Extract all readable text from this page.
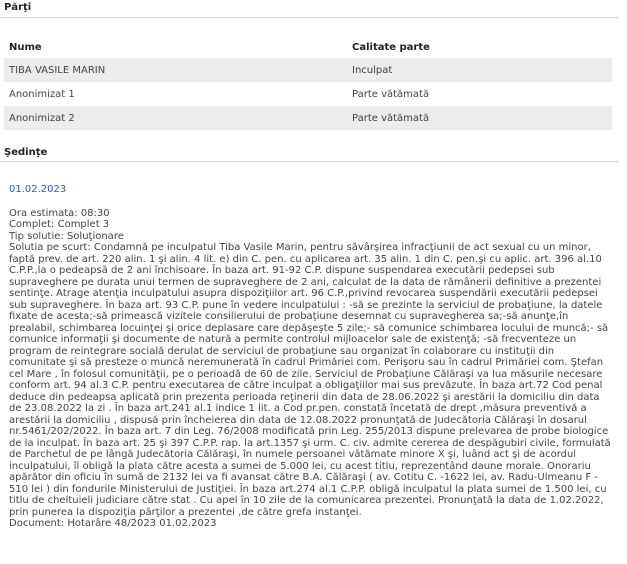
Părţi
Nume	Calitate parte
TIBA VASILE MARIN	Inculpat
Anonimizat 1	Parte vătămată
Anonimizat 2	Parte vătămată
Şedinţe
01.02.2023
Ora estimata: 08:30
Complet: Complet 3
Tip solutie: Soluţionare
Solutia pe scurt: Condamnă pe inculpatul Tiba Vasile Marin, pentru săvârşirea infracţiunii de act sexual cu un minor, faptă prev. de art. 220 alin. 1 şi alin. 4 lit. e) din C. pen. cu aplicarea art. 35 alin. 1 din C. pen.şi cu aplic. art. 396 al.10 C.P.P.,la o pedeapsă de 2 ani închisoare. În baza art. 91-92 C.P. dispune suspendarea executării pedepsei sub supraveghere pe durata unui termen de supraveghere de 2 ani, calculat de la data de rămânerii definitive a prezentei sentinţe. Atrage atenţia inculpatului asupra dispoziţiilor art. 96 C.P.,privind revocarea suspendării executării pedepsei sub supraveghere. În baza art. 93 C.P. pune în vedere inculpatului : -să se prezinte la serviciul de probaţiune, la datele fixate de acesta;-să primească vizitele consilierului de probaţiune desemnat cu supravegherea sa;-să anunţe,în prealabil, schimbarea locuinţei şi orice deplasare care depăşeşte 5 zile;- să comunice schimbarea locului de muncă;- să comunice informaţii şi documente de natură a permite controlul mijloacelor sale de existenţă; -să frecventeze un program de reintegrare socială derulat de serviciul de probaţiune sau organizat în colaborare cu instituţii din comunitate şi să presteze o muncă neremunerată în cadrul Primăriei com. Perişoru sau în cadrul Primăriei com. Ştefan cel Mare , în folosul comunităţii, pe o perioadă de 60 de zile. Serviciul de Probaţiune Călăraşi va lua măsurile necesare conform art. 94 al.3 C.P. pentru executarea de către inculpat a obligaţiilor mai sus prevăzute. În baza art.72 Cod penal deduce din pedeapsa aplicată prin prezenta perioada reţinerii din data de 28.06.2022 şi arestării la domiciliu din data de 23.08.2022 la zi . În baza art.241 al.1 indice 1 lit. a Cod pr.pen. constată încetată de drept ,măsura preventivă a arestării la domiciliu , dispusă prin încheierea din data de 12.08.2022 pronunţată de Judecătoria Călăraşi în dosarul nr.5461/202/2022. În baza art. 7 din Leg. 76/2008 modificată prin Leg. 255/2013 dispune prelevarea de probe biologice de la inculpat. În baza art. 25 şi 397 C.P.P. rap. la art.1357 şi urm. C. civ. admite cererea de despăgubiri civile, formulată de Parchetul de pe lângă Judecătoria Călăraşi, în numele persoanei vătămate minore X şi, luând act şi de acordul inculpatului, îl obligă la plata către acesta a sumei de 5.000 lei, cu acest titlu, reprezentând daune morale. Onorariu apărător din oficiu în sumă de 2132 lei va fi avansat către B.A. Călăraşi ( av. Cotitu C. -1622 lei, av. Radu-Ulmeanu F - 510 lei ) din fondurile Ministerului de Justiţiei. În baza art.274 al.1 C.P.P. obligă inculpatul la plata sumei de 1.500 lei, cu titlu de cheltuieli judiciare către stat . Cu apel în 10 zile de la comunicarea prezentei. Pronunţată la data de 1.02.2022, prin punerea la dispoziţia părţilor a prezentei ,de către grefa instanţei.
Document: Hotarâre 48/2023 01.02.2023
